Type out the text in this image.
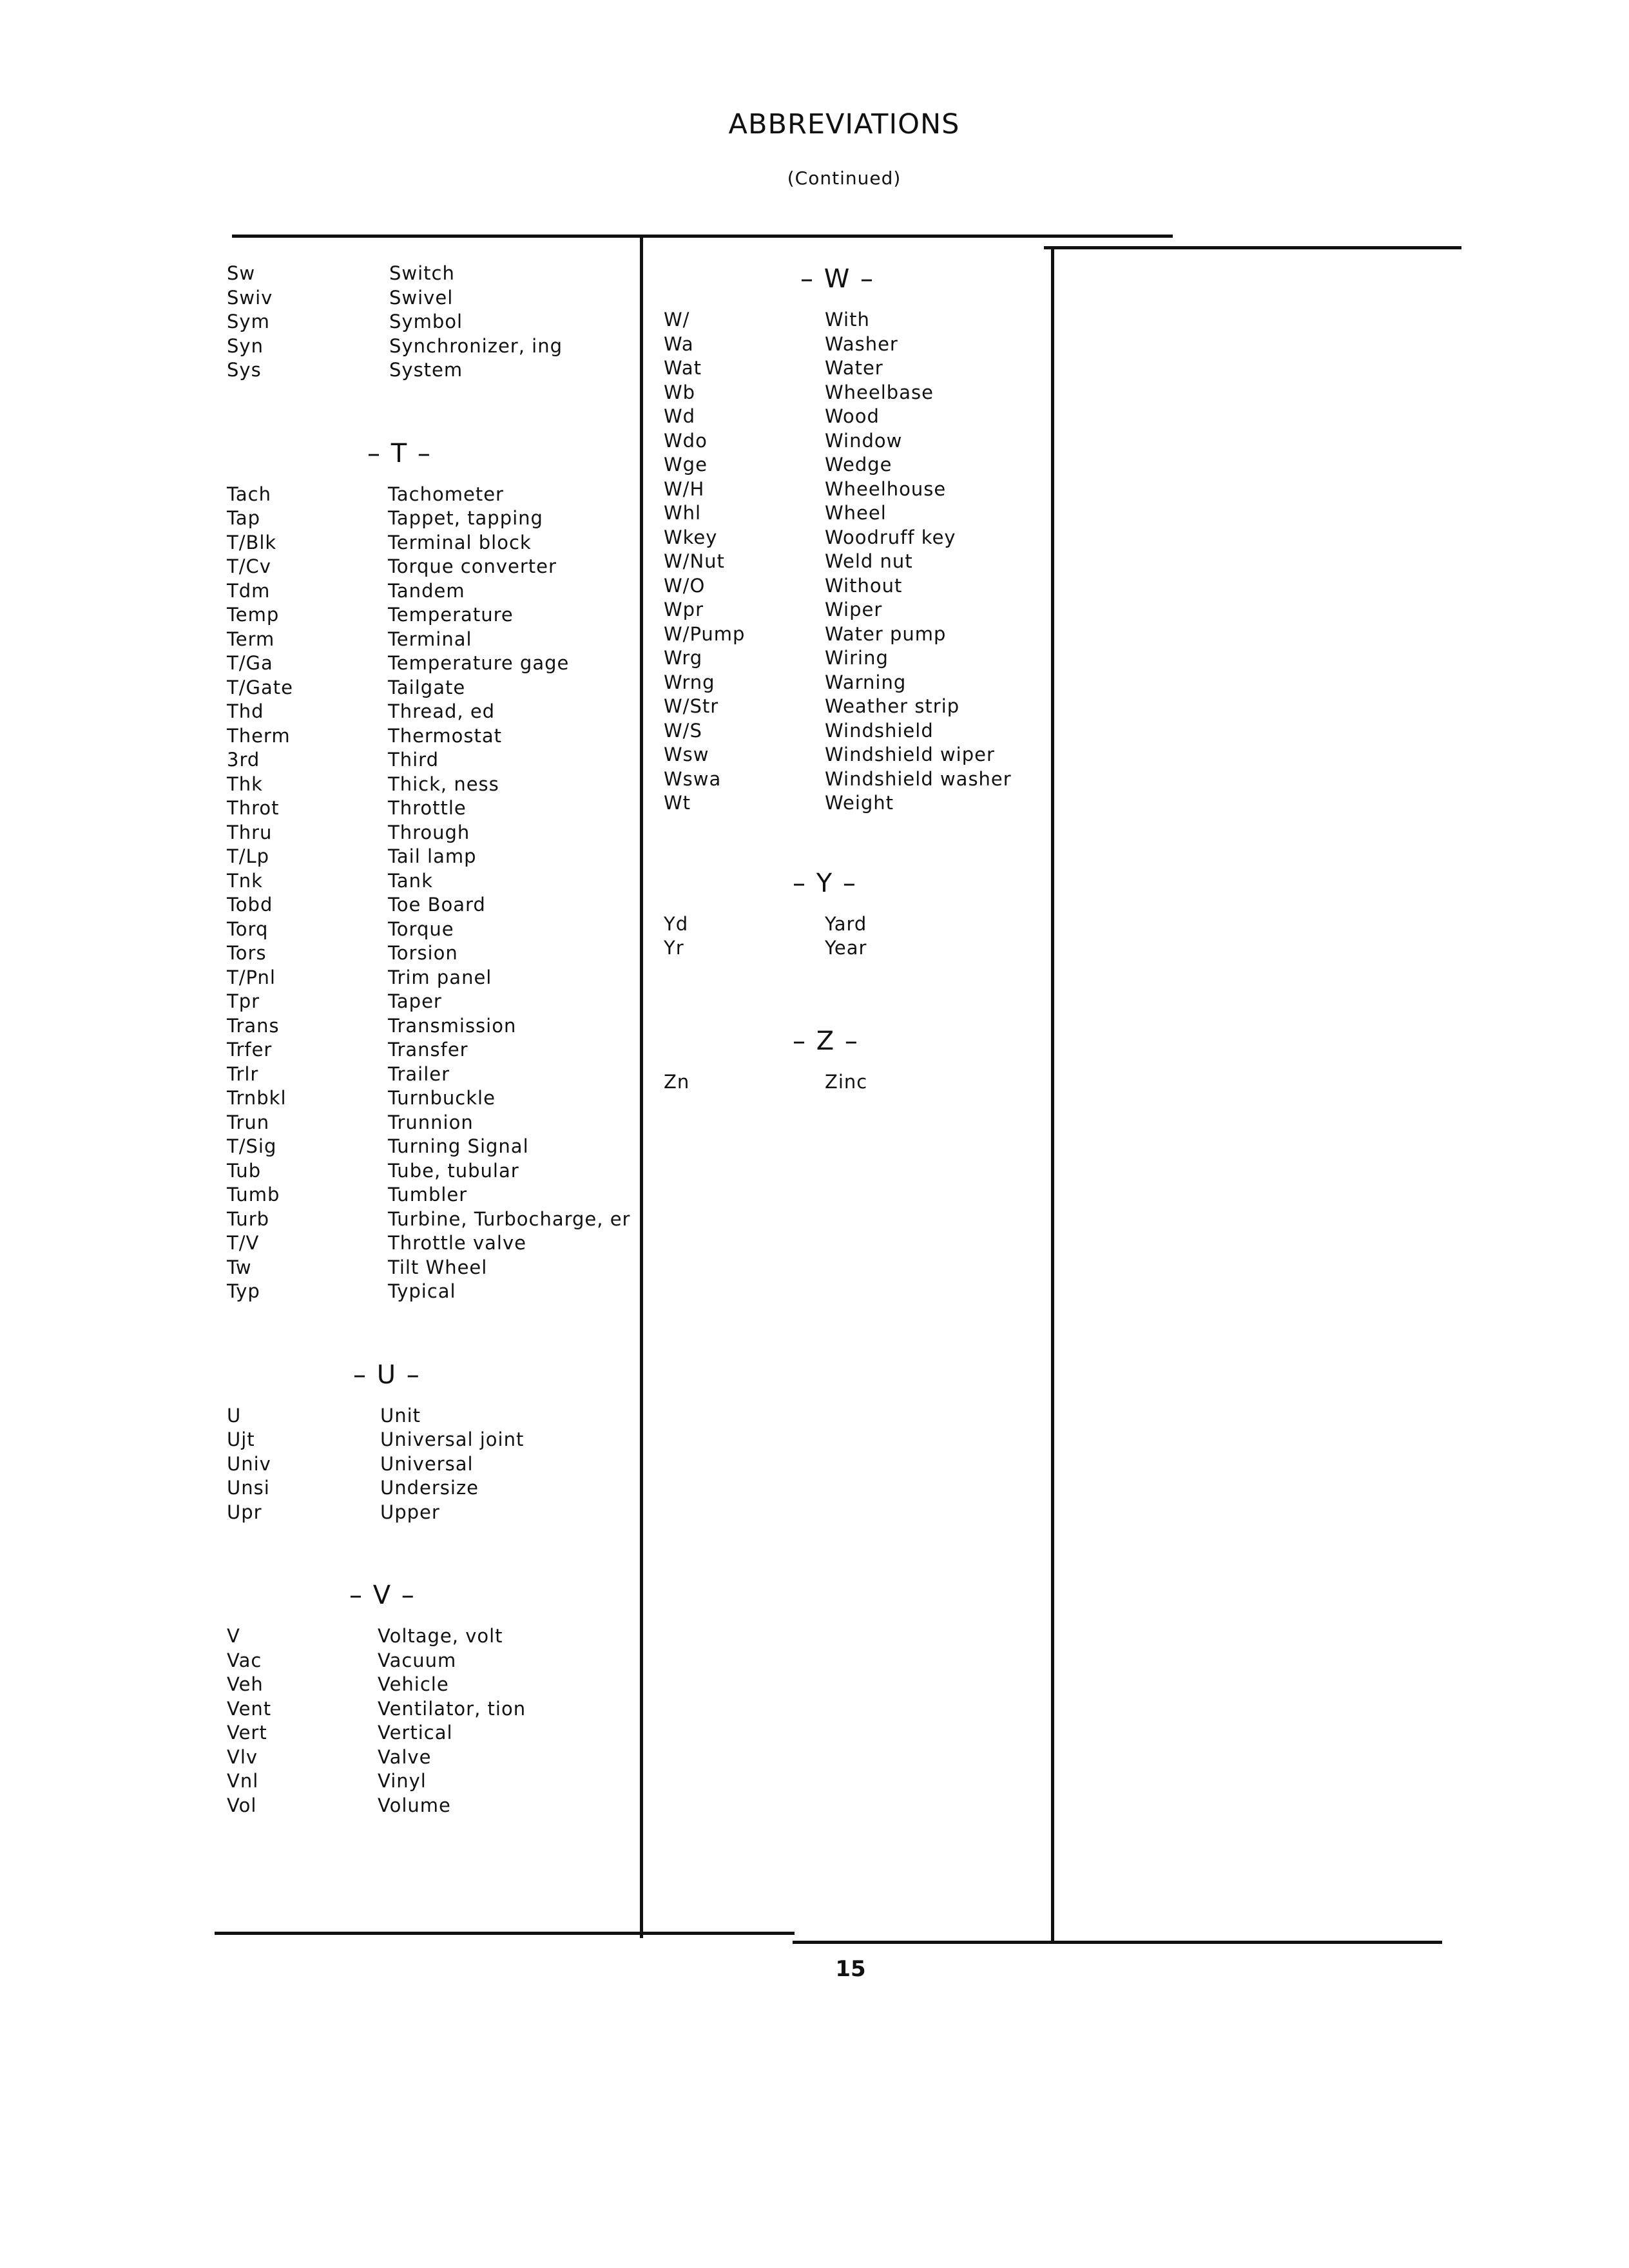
ABBREVIATIONS
(Continued)
Sw	Switch
Swiv	Swivel
Sym	Symbol
Syn	Synchronizer, ing
Sys	System
– T –
Tach	Tachometer
Tap	Tappet, tapping
T/Blk	Terminal block
T/Cv	Torque converter
Tdm	Tandem
Temp	Temperature
Term	Terminal
T/Ga	Temperature gage
T/Gate	Tailgate
Thd	Thread, ed
Therm	Thermostat
3rd	Third
Thk	Thick, ness
Throt	Throttle
Thru	Through
T/Lp	Tail lamp
Tnk	Tank
Tobd	Toe Board
Torq	Torque
Tors	Torsion
T/Pnl	Trim panel
Tpr	Taper
Trans	Transmission
Trfer	Transfer
Trlr	Trailer
Trnbkl	Turnbuckle
Trun	Trunnion
T/Sig	Turning Signal
Tub	Tube, tubular
Tumb	Tumbler
Turb	Turbine, Turbocharge, er
T/V	Throttle valve
Tw	Tilt Wheel
Typ	Typical
– U –
U	Unit
Ujt	Universal joint
Univ	Universal
Unsi	Undersize
Upr	Upper
– V –
V	Voltage, volt
Vac	Vacuum
Veh	Vehicle
Vent	Ventilator, tion
Vert	Vertical
Vlv	Valve
Vnl	Vinyl
Vol	Volume
– W –
W/	With
Wa	Washer
Wat	Water
Wb	Wheelbase
Wd	Wood
Wdo	Window
Wge	Wedge
W/H	Wheelhouse
Whl	Wheel
Wkey	Woodruff key
W/Nut	Weld nut
W/O	Without
Wpr	Wiper
W/Pump	Water pump
Wrg	Wiring
Wrng	Warning
W/Str	Weather strip
W/S	Windshield
Wsw	Windshield wiper
Wswa	Windshield washer
Wt	Weight
– Y –
Yd	Yard
Yr	Year
– Z –
Zn	Zinc
15
